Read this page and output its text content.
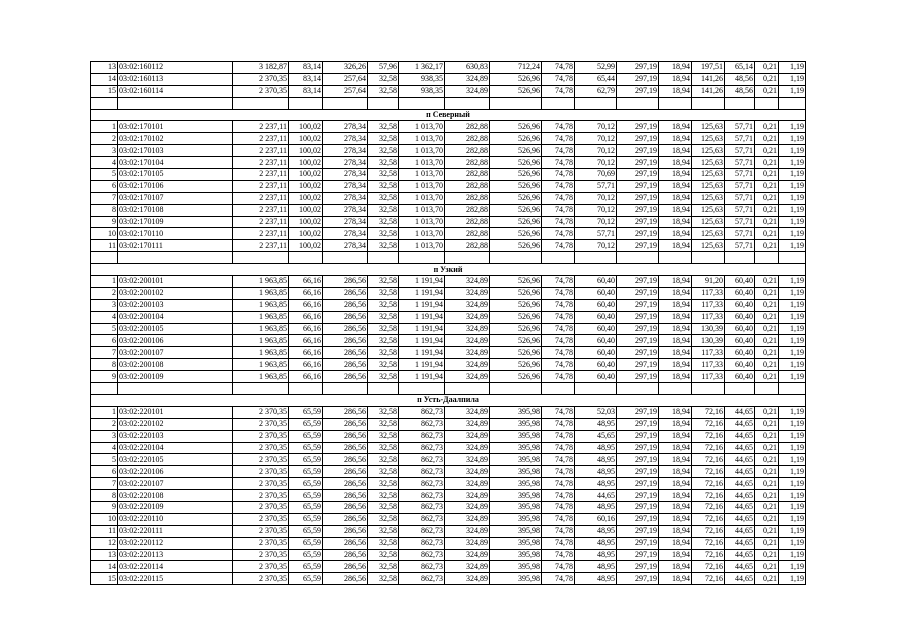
13	03:02:160112	3 182,87	83,14	326,26	57,96	1 362,17	630,83	712,24	74,78	52,99	297,19	18,94	197,51	65,14	0,21	1,19
14	03:02:160113	2 370,35	83,14	257,64	32,58	938,35	324,89	526,96	74,78	65,44	297,19	18,94	141,26	48,56	0,21	1,19
15	03:02:160114	2 370,35	83,14	257,64	32,58	938,35	324,89	526,96	74,78	62,79	297,19	18,94	141,26	48,56	0,21	1,19

п Северный																
1	03:02:170101	2 237,11	100,02	278,34	32,58	1 013,70	282,88	526,96	74,78	70,12	297,19	18,94	125,63	57,71	0,21	1,19
2	03:02:170102	2 237,11	100,02	278,34	32,58	1 013,70	282,88	526,96	74,78	70,12	297,19	18,94	125,63	57,71	0,21	1,19
3	03:02:170103	2 237,11	100,02	278,34	32,58	1 013,70	282,88	526,96	74,78	70,12	297,19	18,94	125,63	57,71	0,21	1,19
4	03:02:170104	2 237,11	100,02	278,34	32,58	1 013,70	282,88	526,96	74,78	70,12	297,19	18,94	125,63	57,71	0,21	1,19
5	03:02:170105	2 237,11	100,02	278,34	32,58	1 013,70	282,88	526,96	74,78	70,69	297,19	18,94	125,63	57,71	0,21	1,19
6	03:02:170106	2 237,11	100,02	278,34	32,58	1 013,70	282,88	526,96	74,78	57,71	297,19	18,94	125,63	57,71	0,21	1,19
7	03:02:170107	2 237,11	100,02	278,34	32,58	1 013,70	282,88	526,96	74,78	70,12	297,19	18,94	125,63	57,71	0,21	1,19
8	03:02:170108	2 237,11	100,02	278,34	32,58	1 013,70	282,88	526,96	74,78	70,12	297,19	18,94	125,63	57,71	0,21	1,19
9	03:02:170109	2 237,11	100,02	278,34	32,58	1 013,70	282,88	526,96	74,78	70,12	297,19	18,94	125,63	57,71	0,21	1,19
10	03:02:170110	2 237,11	100,02	278,34	32,58	1 013,70	282,88	526,96	74,78	57,71	297,19	18,94	125,63	57,71	0,21	1,19
11	03:02:170111	2 237,11	100,02	278,34	32,58	1 013,70	282,88	526,96	74,78	70,12	297,19	18,94	125,63	57,71	0,21	1,19

п Узкий																
1	03:02:200101	1 963,85	66,16	286,56	32,58	1 191,94	324,89	526,96	74,78	60,40	297,19	18,94	91,20	60,40	0,21	1,19
2	03:02:200102	1 963,85	66,16	286,56	32,58	1 191,94	324,89	526,96	74,78	60,40	297,19	18,94	117,33	60,40	0,21	1,19
3	03:02:200103	1 963,85	66,16	286,56	32,58	1 191,94	324,89	526,96	74,78	60,40	297,19	18,94	117,33	60,40	0,21	1,19
4	03:02:200104	1 963,85	66,16	286,56	32,58	1 191,94	324,89	526,96	74,78	60,40	297,19	18,94	117,33	60,40	0,21	1,19
5	03:02:200105	1 963,85	66,16	286,56	32,58	1 191,94	324,89	526,96	74,78	60,40	297,19	18,94	130,39	60,40	0,21	1,19
6	03:02:200106	1 963,85	66,16	286,56	32,58	1 191,94	324,89	526,96	74,78	60,40	297,19	18,94	130,39	60,40	0,21	1,19
7	03:02:200107	1 963,85	66,16	286,56	32,58	1 191,94	324,89	526,96	74,78	60,40	297,19	18,94	117,33	60,40	0,21	1,19
8	03:02:200108	1 963,85	66,16	286,56	32,58	1 191,94	324,89	526,96	74,78	60,40	297,19	18,94	117,33	60,40	0,21	1,19
9	03:02:200109	1 963,85	66,16	286,56	32,58	1 191,94	324,89	526,96	74,78	60,40	297,19	18,94	117,33	60,40	0,21	1,19

п Усть-Даалпила																
1	03:02:220101	2 370,35	65,59	286,56	32,58	862,73	324,89	395,98	74,78	52,03	297,19	18,94	72,16	44,65	0,21	1,19
2	03:02:220102	2 370,35	65,59	286,56	32,58	862,73	324,89	395,98	74,78	48,95	297,19	18,94	72,16	44,65	0,21	1,19
3	03:02:220103	2 370,35	65,59	286,56	32,58	862,73	324,89	395,98	74,78	45,65	297,19	18,94	72,16	44,65	0,21	1,19
4	03:02:220104	2 370,35	65,59	286,56	32,58	862,73	324,89	395,98	74,78	48,95	297,19	18,94	72,16	44,65	0,21	1,19
5	03:02:220105	2 370,35	65,59	286,56	32,58	862,73	324,89	395,98	74,78	48,95	297,19	18,94	72,16	44,65	0,21	1,19
6	03:02:220106	2 370,35	65,59	286,56	32,58	862,73	324,89	395,98	74,78	48,95	297,19	18,94	72,16	44,65	0,21	1,19
7	03:02:220107	2 370,35	65,59	286,56	32,58	862,73	324,89	395,98	74,78	48,95	297,19	18,94	72,16	44,65	0,21	1,19
8	03:02:220108	2 370,35	65,59	286,56	32,58	862,73	324,89	395,98	74,78	44,65	297,19	18,94	72,16	44,65	0,21	1,19
9	03:02:220109	2 370,35	65,59	286,56	32,58	862,73	324,89	395,98	74,78	48,95	297,19	18,94	72,16	44,65	0,21	1,19
10	03:02:220110	2 370,35	65,59	286,56	32,58	862,73	324,89	395,98	74,78	60,16	297,19	18,94	72,16	44,65	0,21	1,19
11	03:02:220111	2 370,35	65,59	286,56	32,58	862,73	324,89	395,98	74,78	48,95	297,19	18,94	72,16	44,65	0,21	1,19
12	03:02:220112	2 370,35	65,59	286,56	32,58	862,73	324,89	395,98	74,78	48,95	297,19	18,94	72,16	44,65	0,21	1,19
13	03:02:220113	2 370,35	65,59	286,56	32,58	862,73	324,89	395,98	74,78	48,95	297,19	18,94	72,16	44,65	0,21	1,19
14	03:02:220114	2 370,35	65,59	286,56	32,58	862,73	324,89	395,98	74,78	48,95	297,19	18,94	72,16	44,65	0,21	1,19
15	03:02:220115	2 370,35	65,59	286,56	32,58	862,73	324,89	395,98	74,78	48,95	297,19	18,94	72,16	44,65	0,21	1,19
